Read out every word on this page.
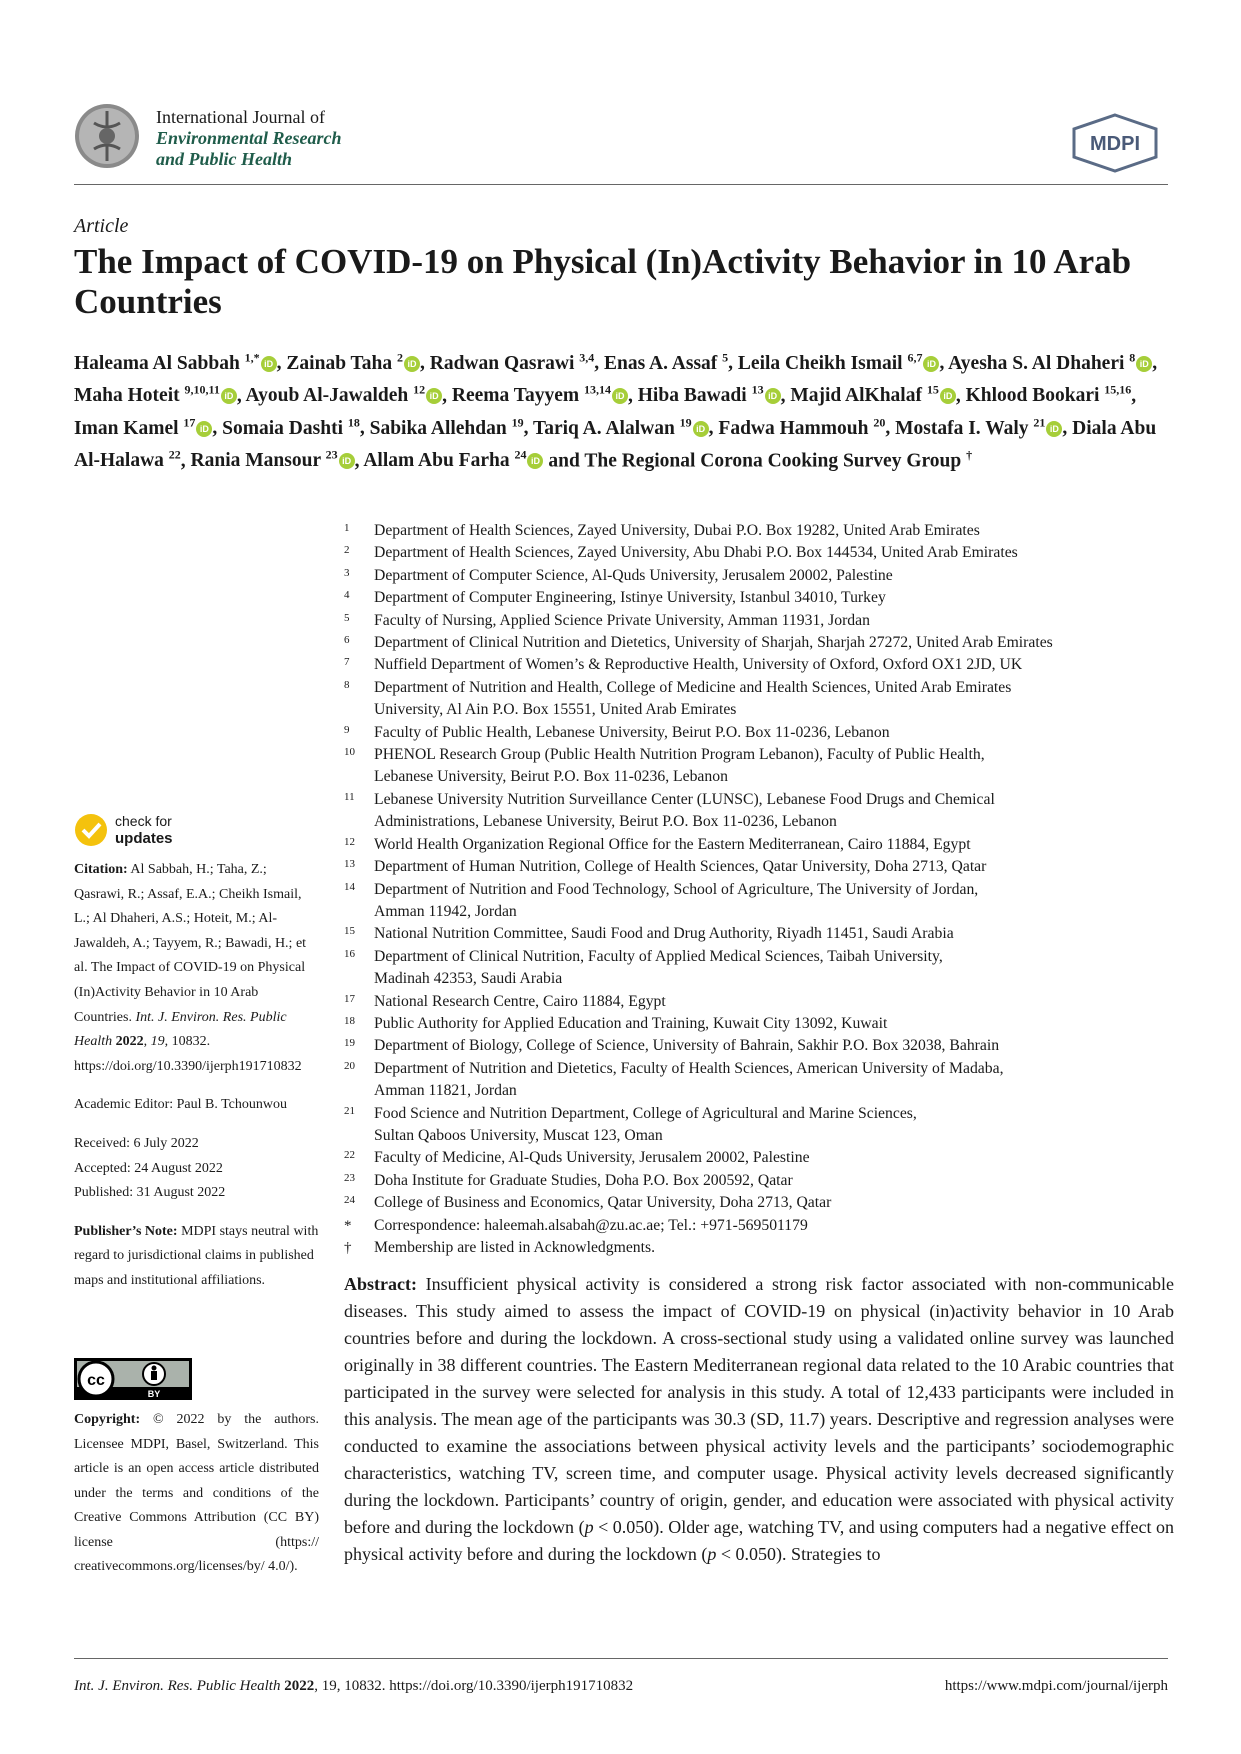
International Journal of
Environmental Research
and Public Health
MDPI
Article
The Impact of COVID-19 on Physical (In)Activity Behavior in 10 Arab Countries
Haleama Al Sabbah $^{1,*}$ iD , Zainab Taha $^2$ iD , Radwan Qasrawi $^{3,4}$, Enas A. Assaf $^5$, Leila Cheikh Ismail $^{6,7}$ iD , Ayesha S. Al Dhaheri $^8$ iD , Maha Hoteit $^{9,10,11}$ iD , Ayoub Al-Jawaldeh $^{12}$ iD , Reema Tayyem $^{13,14}$ iD , Hiba Bawadi $^{13}$ iD , Majid AlKhalaf $^{15}$ iD , Khlood Bookari $^{15,16}$, Iman Kamel $^{17}$ iD , Somaia Dashti $^{18}$, Sabika Allehdan $^{19}$, Tariq A. Alalwan $^{19}$ iD , Fadwa Hammouh $^{20}$, Mostafa I. Waly $^{21}$ iD , Diala Abu Al-Halawa $^{22}$, Rania Mansour $^{23}$ iD , Allam Abu Farha $^{24}$ iD and The Regional Corona Cooking Survey Group †
1	Department of Health Sciences, Zayed University, Dubai P.O. Box 19282, United Arab Emirates
2	Department of Health Sciences, Zayed University, Abu Dhabi P.O. Box 144534, United Arab Emirates
3	Department of Computer Science, Al-Quds University, Jerusalem 20002, Palestine
4	Department of Computer Engineering, Istinye University, Istanbul 34010, Turkey
5	Faculty of Nursing, Applied Science Private University, Amman 11931, Jordan
6	Department of Clinical Nutrition and Dietetics, University of Sharjah, Sharjah 27272, United Arab Emirates
7	Nuffield Department of Women’s & Reproductive Health, University of Oxford, Oxford OX1 2JD, UK
8	Department of Nutrition and Health, College of Medicine and Health Sciences, United Arab Emirates
University, Al Ain P.O. Box 15551, United Arab Emirates
9	Faculty of Public Health, Lebanese University, Beirut P.O. Box 11-0236, Lebanon
10	PHENOL Research Group (Public Health Nutrition Program Lebanon), Faculty of Public Health,
Lebanese University, Beirut P.O. Box 11-0236, Lebanon
11	Lebanese University Nutrition Surveillance Center (LUNSC), Lebanese Food Drugs and Chemical
Administrations, Lebanese University, Beirut P.O. Box 11-0236, Lebanon
12	World Health Organization Regional Office for the Eastern Mediterranean, Cairo 11884, Egypt
13	Department of Human Nutrition, College of Health Sciences, Qatar University, Doha 2713, Qatar
14	Department of Nutrition and Food Technology, School of Agriculture, The University of Jordan,
Amman 11942, Jordan
15	National Nutrition Committee, Saudi Food and Drug Authority, Riyadh 11451, Saudi Arabia
16	Department of Clinical Nutrition, Faculty of Applied Medical Sciences, Taibah University,
Madinah 42353, Saudi Arabia
17	National Research Centre, Cairo 11884, Egypt
18	Public Authority for Applied Education and Training, Kuwait City 13092, Kuwait
19	Department of Biology, College of Science, University of Bahrain, Sakhir P.O. Box 32038, Bahrain
20	Department of Nutrition and Dietetics, Faculty of Health Sciences, American University of Madaba,
Amman 11821, Jordan
21	Food Science and Nutrition Department, College of Agricultural and Marine Sciences,
Sultan Qaboos University, Muscat 123, Oman
22	Faculty of Medicine, Al-Quds University, Jerusalem 20002, Palestine
23	Doha Institute for Graduate Studies, Doha P.O. Box 200592, Qatar
24	College of Business and Economics, Qatar University, Doha 2713, Qatar
*	Correspondence: haleemah.alsabah@zu.ac.ae; Tel.: +971-569501179
†	Membership are listed in Acknowledgments.
check for
updates

Citation: Al Sabbah, H.; Taha, Z.; Qasrawi, R.; Assaf, E.A.; Cheikh Ismail, L.; Al Dhaheri, A.S.; Hoteit, M.; Al-Jawaldeh, A.; Tayyem, R.; Bawadi, H.; et al. The Impact of COVID-19 on Physical (In)Activity Behavior in 10 Arab Countries. Int. J. Environ. Res. Public Health 2022, 19, 10832. https://doi.org/10.3390/ijerph191710832

Academic Editor: Paul B. Tchounwou

Received: 6 July 2022

Accepted: 24 August 2022

Published: 31 August 2022

Publisher’s Note: MDPI stays neutral with regard to jurisdictional claims in published maps and institutional affiliations.

cc
BY
Copyright: © 2022 by the authors. Licensee MDPI, Basel, Switzerland. This article is an open access article distributed under the terms and conditions of the Creative Commons Attribution (CC BY) license (https:// creativecommons.org/licenses/by/ 4.0/).
Abstract: Insufficient physical activity is considered a strong risk factor associated with non-communicable diseases. This study aimed to assess the impact of COVID-19 on physical (in)activity behavior in 10 Arab countries before and during the lockdown. A cross-sectional study using a validated online survey was launched originally in 38 different countries. The Eastern Mediterranean regional data related to the 10 Arabic countries that participated in the survey were selected for analysis in this study. A total of 12,433 participants were included in this analysis. The mean age of the participants was 30.3 (SD, 11.7) years. Descriptive and regression analyses were conducted to examine the associations between physical activity levels and the participants’ sociodemographic characteristics, watching TV, screen time, and computer usage. Physical activity levels decreased significantly during the lockdown. Participants’ country of origin, gender, and education were associated with physical activity before and during the lockdown (p < 0.050). Older age, watching TV, and using computers had a negative effect on physical activity before and during the lockdown (p < 0.050). Strategies to
Int. J. Environ. Res. Public Health 2022, 19, 10832. https://doi.org/10.3390/ijerph191710832	https://www.mdpi.com/journal/ijerph
